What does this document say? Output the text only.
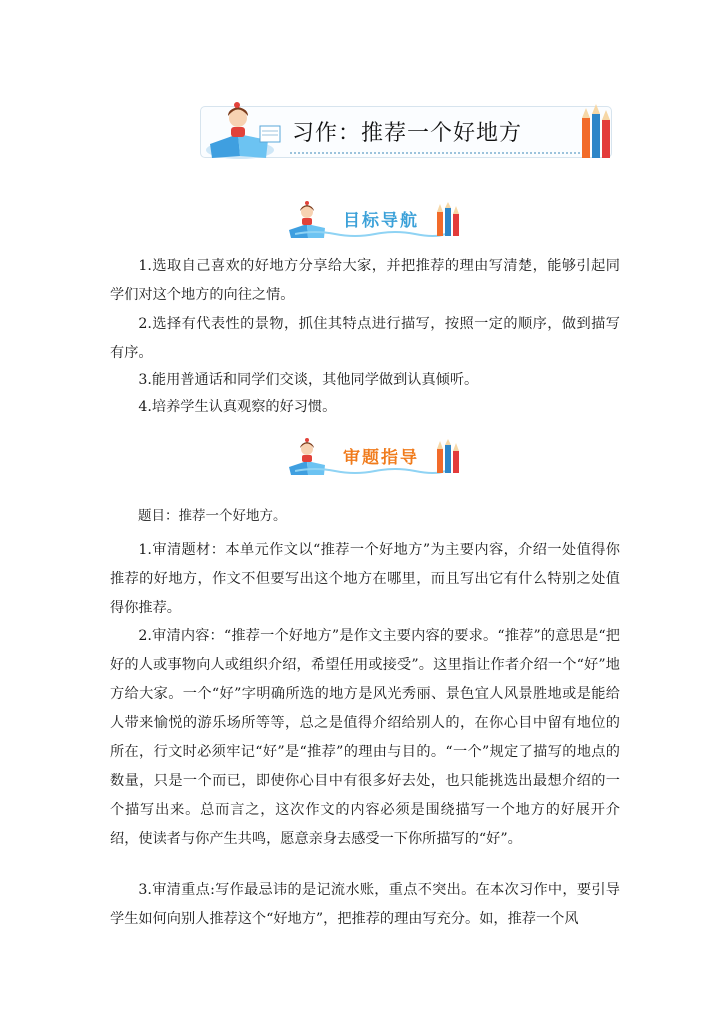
习作：推荐一个好地方
目标导航

1.选取自己喜欢的好地方分享给大家，并把推荐的理由写清楚，能够引起同学们对这个地方的向往之情。

2.选择有代表性的景物，抓住其特点进行描写，按照一定的顺序，做到描写有序。

3.能用普通话和同学们交谈，其他同学做到认真倾听。

4.培养学生认真观察的好习惯。

审题指导
题目：推荐一个好地方。

1.审清题材：本单元作文以“推荐一个好地方”为主要内容，介绍一处值得你推荐的好地方，作文不但要写出这个地方在哪里，而且写出它有什么特别之处值得你推荐。

2.审清内容：“推荐一个好地方”是作文主要内容的要求。“推荐”的意思是“把好的人或事物向人或组织介绍，希望任用或接受”。这里指让作者介绍一个“好”地方给大家。一个“好”字明确所选的地方是风光秀丽、景色宜人风景胜地或是能给人带来愉悦的游乐场所等等，总之是值得介绍给别人的，在你心目中留有地位的所在，行文时必须牢记“好”是“推荐”的理由与目的。“一个”规定了描写的地点的数量，只是一个而已，即使你心目中有很多好去处，也只能挑选出最想介绍的一个描写出来。总而言之，这次作文的内容必须是围绕描写一个地方的好展开介绍，使读者与你产生共鸣，愿意亲身去感受一下你所描写的“好”。

3.审清重点:写作最忌讳的是记流水账，重点不突出。在本次习作中，要引导学生如何向别人推荐这个“好地方”，把推荐的理由写充分。如，推荐一个风
